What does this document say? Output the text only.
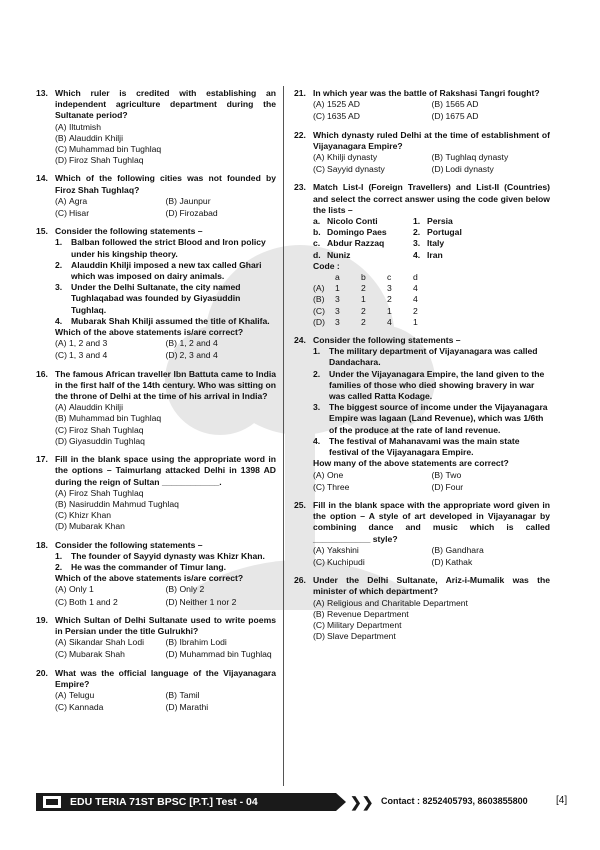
13. Which ruler is credited with establishing an independent agriculture department during the Sultanate period?
(A) Iltutmish
(B) Alauddin Khilji
(C) Muhammad bin Tughlaq
(D) Firoz Shah Tughlaq
14. Which of the following cities was not founded by Firoz Shah Tughlaq?
(A) Agra	(B) Jaunpur
(C) Hisar	(D) Firozabad
15. Consider the following statements –
1.	Balban followed the strict Blood and Iron policy under his kingship theory.
2.	Alauddin Khilji imposed a new tax called Ghari which was imposed on dairy animals.
3.	Under the Delhi Sultanate, the city named Tughlaqabad was founded by Giyasuddin Tughlaq.
4.	Mubarak Shah Khilji assumed the title of Khalifa.
Which of the above statements is/are correct?
(A) 1, 2 and 3	(B) 1, 2 and 4
(C) 1, 3 and 4	(D) 2, 3 and 4
16. The famous African traveller Ibn Battuta came to India in the first half of the 14th century. Who was sitting on the throne of Delhi at the time of his arrival in India?
(A) Alauddin Khilji
(B) Muhammad bin Tughlaq
(C) Firoz Shah Tughlaq
(D) Giyasuddin Tughlaq
17. Fill in the blank space using the appropriate word in the options – Taimurlang attacked Delhi in 1398 AD during the reign of Sultan ____________.
(A) Firoz Shah Tughlaq
(B) Nasiruddin Mahmud Tughlaq
(C) Khizr Khan
(D) Mubarak Khan
18. Consider the following statements –
1.	The founder of Sayyid dynasty was Khizr Khan.
2.	He was the commander of Timur lang.
Which of the above statements is/are correct?
(A) Only 1	(B) Only 2
(C) Both 1 and 2	(D) Neither 1 nor 2
19. Which Sultan of Delhi Sultanate used to write poems in Persian under the title Gulrukhi?
(A) Sikandar Shah Lodi (B) Ibrahim Lodi
(C) Mubarak Shah	(D) Muhammad bin Tughlaq
20. What was the official language of the Vijayanagara Empire?
(A) Telugu	(B) Tamil
(C) Kannada	(D) Marathi
21. In which year was the battle of Rakshasi Tangri fought?
(A) 1525 AD	(B) 1565 AD
(C) 1635 AD	(D) 1675 AD
22. Which dynasty ruled Delhi at the time of establishment of Vijayanagara Empire?
(A) Khilji dynasty	(B) Tughlaq dynasty
(C) Sayyid dynasty	(D) Lodi dynasty
23. Match List-I (Foreign Travellers) and List-II (Countries) and select the correct answer using the code given below the lists –
a. Nicolo Conti	1. Persia
b. Domingo Paes	2. Portugal
c. Abdur Razzaq	3. Italy
d. Nuniz	4. Iran
Code :
a	b	c	d
(A)	1	2	3	4
(B)	3	1	2	4
(C)	3	2	1	2
(D)	3	2	4	1
24. Consider the following statements –
1.	The military department of Vijayanagara was called Dandachara.
2.	Under the Vijayanagara Empire, the land given to the families of those who died showing bravery in war was called Ratta Kodage.
3.	The biggest source of income under the Vijayanagara Empire was lagaan (Land Revenue), which was 1/6th of the produce at the rate of land revenue.
4.	The festival of Mahanavami was the main state festival of the Vijayanagara Empire.
How many of the above statements are correct?
(A) One	(B) Two
(C) Three	(D) Four
25. Fill in the blank space with the appropriate word given in the option – A style of art developed in Vijayanagar by combining dance and music which is called ____________ style?
(A) Yakshini	(B) Gandhara
(C) Kuchipudi	(D) Kathak
26. Under the Delhi Sultanate, Ariz-i-Mumalik was the minister of which department?
(A) Religious and Charitable Department
(B) Revenue Department
(C) Military Department
(D) Slave Department
EDU TERIA 71ST BPSC [P.T.] Test - 04	❯❯ Contact : 8252405793, 8603855800	[4]
